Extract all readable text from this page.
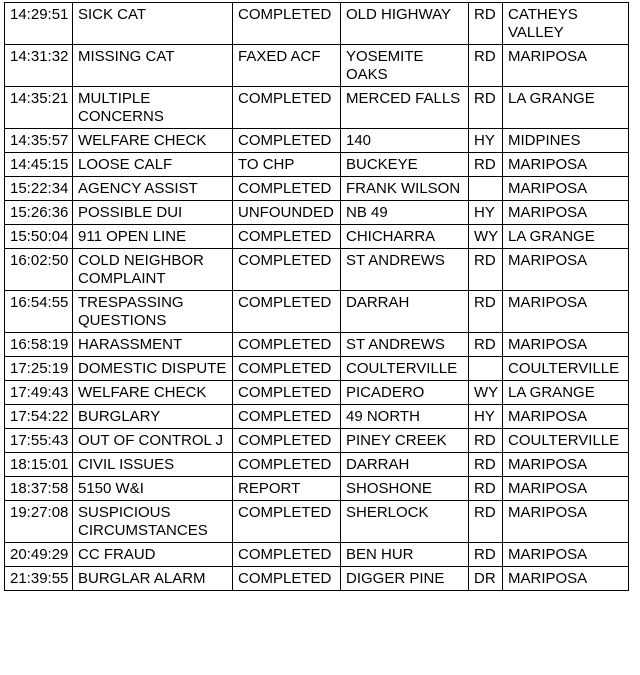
14:29:51	SICK CAT	COMPLETED	OLD HIGHWAY	RD	CATHEYS VALLEY
14:31:32	MISSING CAT	FAXED ACF	YOSEMITE OAKS	RD	MARIPOSA
14:35:21	MULTIPLE CONCERNS	COMPLETED	MERCED FALLS	RD	LA GRANGE
14:35:57	WELFARE CHECK	COMPLETED	140	HY	MIDPINES
14:45:15	LOOSE CALF	TO CHP	BUCKEYE	RD	MARIPOSA
15:22:34	AGENCY ASSIST	COMPLETED	FRANK WILSON		MARIPOSA
15:26:36	POSSIBLE DUI	UNFOUNDED	NB 49	HY	MARIPOSA
15:50:04	911 OPEN LINE	COMPLETED	CHICHARRA	WY	LA GRANGE
16:02:50	COLD NEIGHBOR COMPLAINT	COMPLETED	ST ANDREWS	RD	MARIPOSA
16:54:55	TRESPASSING QUESTIONS	COMPLETED	DARRAH	RD	MARIPOSA
16:58:19	HARASSMENT	COMPLETED	ST ANDREWS	RD	MARIPOSA
17:25:19	DOMESTIC DISPUTE	COMPLETED	COULTERVILLE		COULTERVILLE
17:49:43	WELFARE CHECK	COMPLETED	PICADERO	WY	LA GRANGE
17:54:22	BURGLARY	COMPLETED	49 NORTH	HY	MARIPOSA
17:55:43	OUT OF CONTROL J	COMPLETED	PINEY CREEK	RD	COULTERVILLE
18:15:01	CIVIL ISSUES	COMPLETED	DARRAH	RD	MARIPOSA
18:37:58	5150 W&I	REPORT	SHOSHONE	RD	MARIPOSA
19:27:08	SUSPICIOUS CIRCUMSTANCES	COMPLETED	SHERLOCK	RD	MARIPOSA
20:49:29	CC FRAUD	COMPLETED	BEN HUR	RD	MARIPOSA
21:39:55	BURGLAR ALARM	COMPLETED	DIGGER PINE	DR	MARIPOSA
